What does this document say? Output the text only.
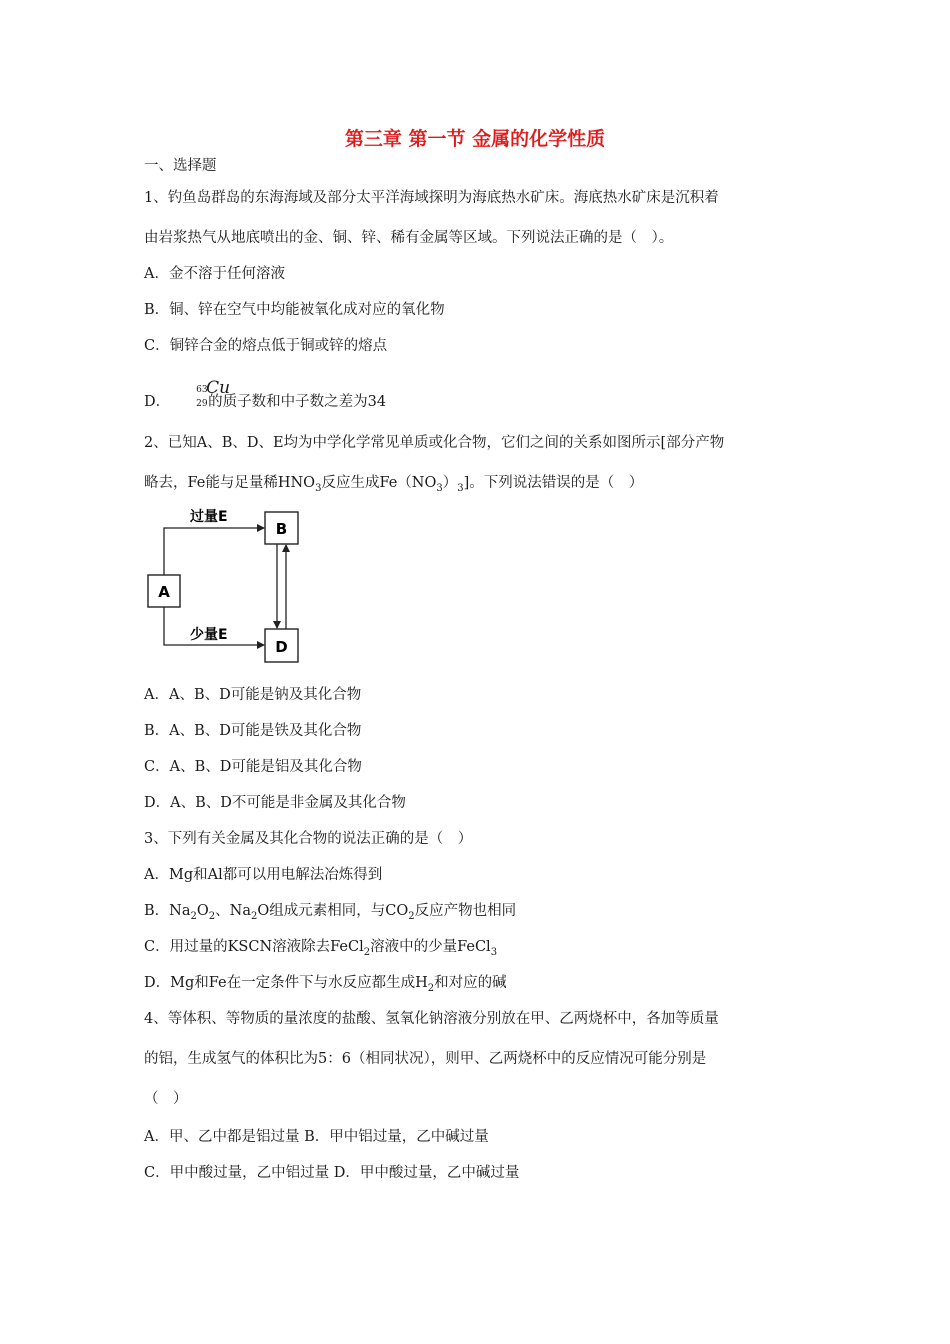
第三章 第一节 金属的化学性质
一、选择题
1、钓鱼岛群岛的东海海域及部分太平洋海域探明为海底热水矿床。海底热水矿床是沉积着
由岩浆热气从地底喷出的金、铜、锌、稀有金属等区域。下列说法正确的是（　）。
A．金不溶于任何溶液
B．铜、锌在空气中均能被氧化成对应的氧化物
C．铜锌合金的熔点低于铜或锌的熔点
D．
63
29
Cu
的质子数和中子数之差为34
2、已知A、B、D、E均为中学化学常见单质或化合物，它们之间的关系如图所示[部分产物
略去，Fe能与足量稀$HNO_3$反应生成$Fe(NO_3)_3$]。下列说法错误的是（　）
A
B
D
过量E
少量E
A．A、B、D可能是钠及其化合物
B．A、B、D可能是铁及其化合物
C．A、B、D可能是铝及其化合物
D．A、B、D不可能是非金属及其化合物
3、下列有关金属及其化合物的说法正确的是（　）
A．Mg和Al都可以用电解法冶炼得到
B．$Na_2O_2$、$Na_2O$组成元素相同，与$CO_2$反应产物也相同
C．用过量的KSCN溶液除去FeCl$_2$溶液中的少量FeCl$_3$
D．Mg和Fe在一定条件下与水反应都生成$H_2$和对应的碱
4、等体积、等物质的量浓度的盐酸、氢氧化钠溶液分别放在甲、乙两烧杯中，各加等质量
的铝，生成氢气的体积比为5：6（相同状况），则甲、乙两烧杯中的反应情况可能分别是
（　）
A．甲、乙中都是铝过量 B．甲中铝过量，乙中碱过量
C．甲中酸过量，乙中铝过量 D．甲中酸过量，乙中碱过量
